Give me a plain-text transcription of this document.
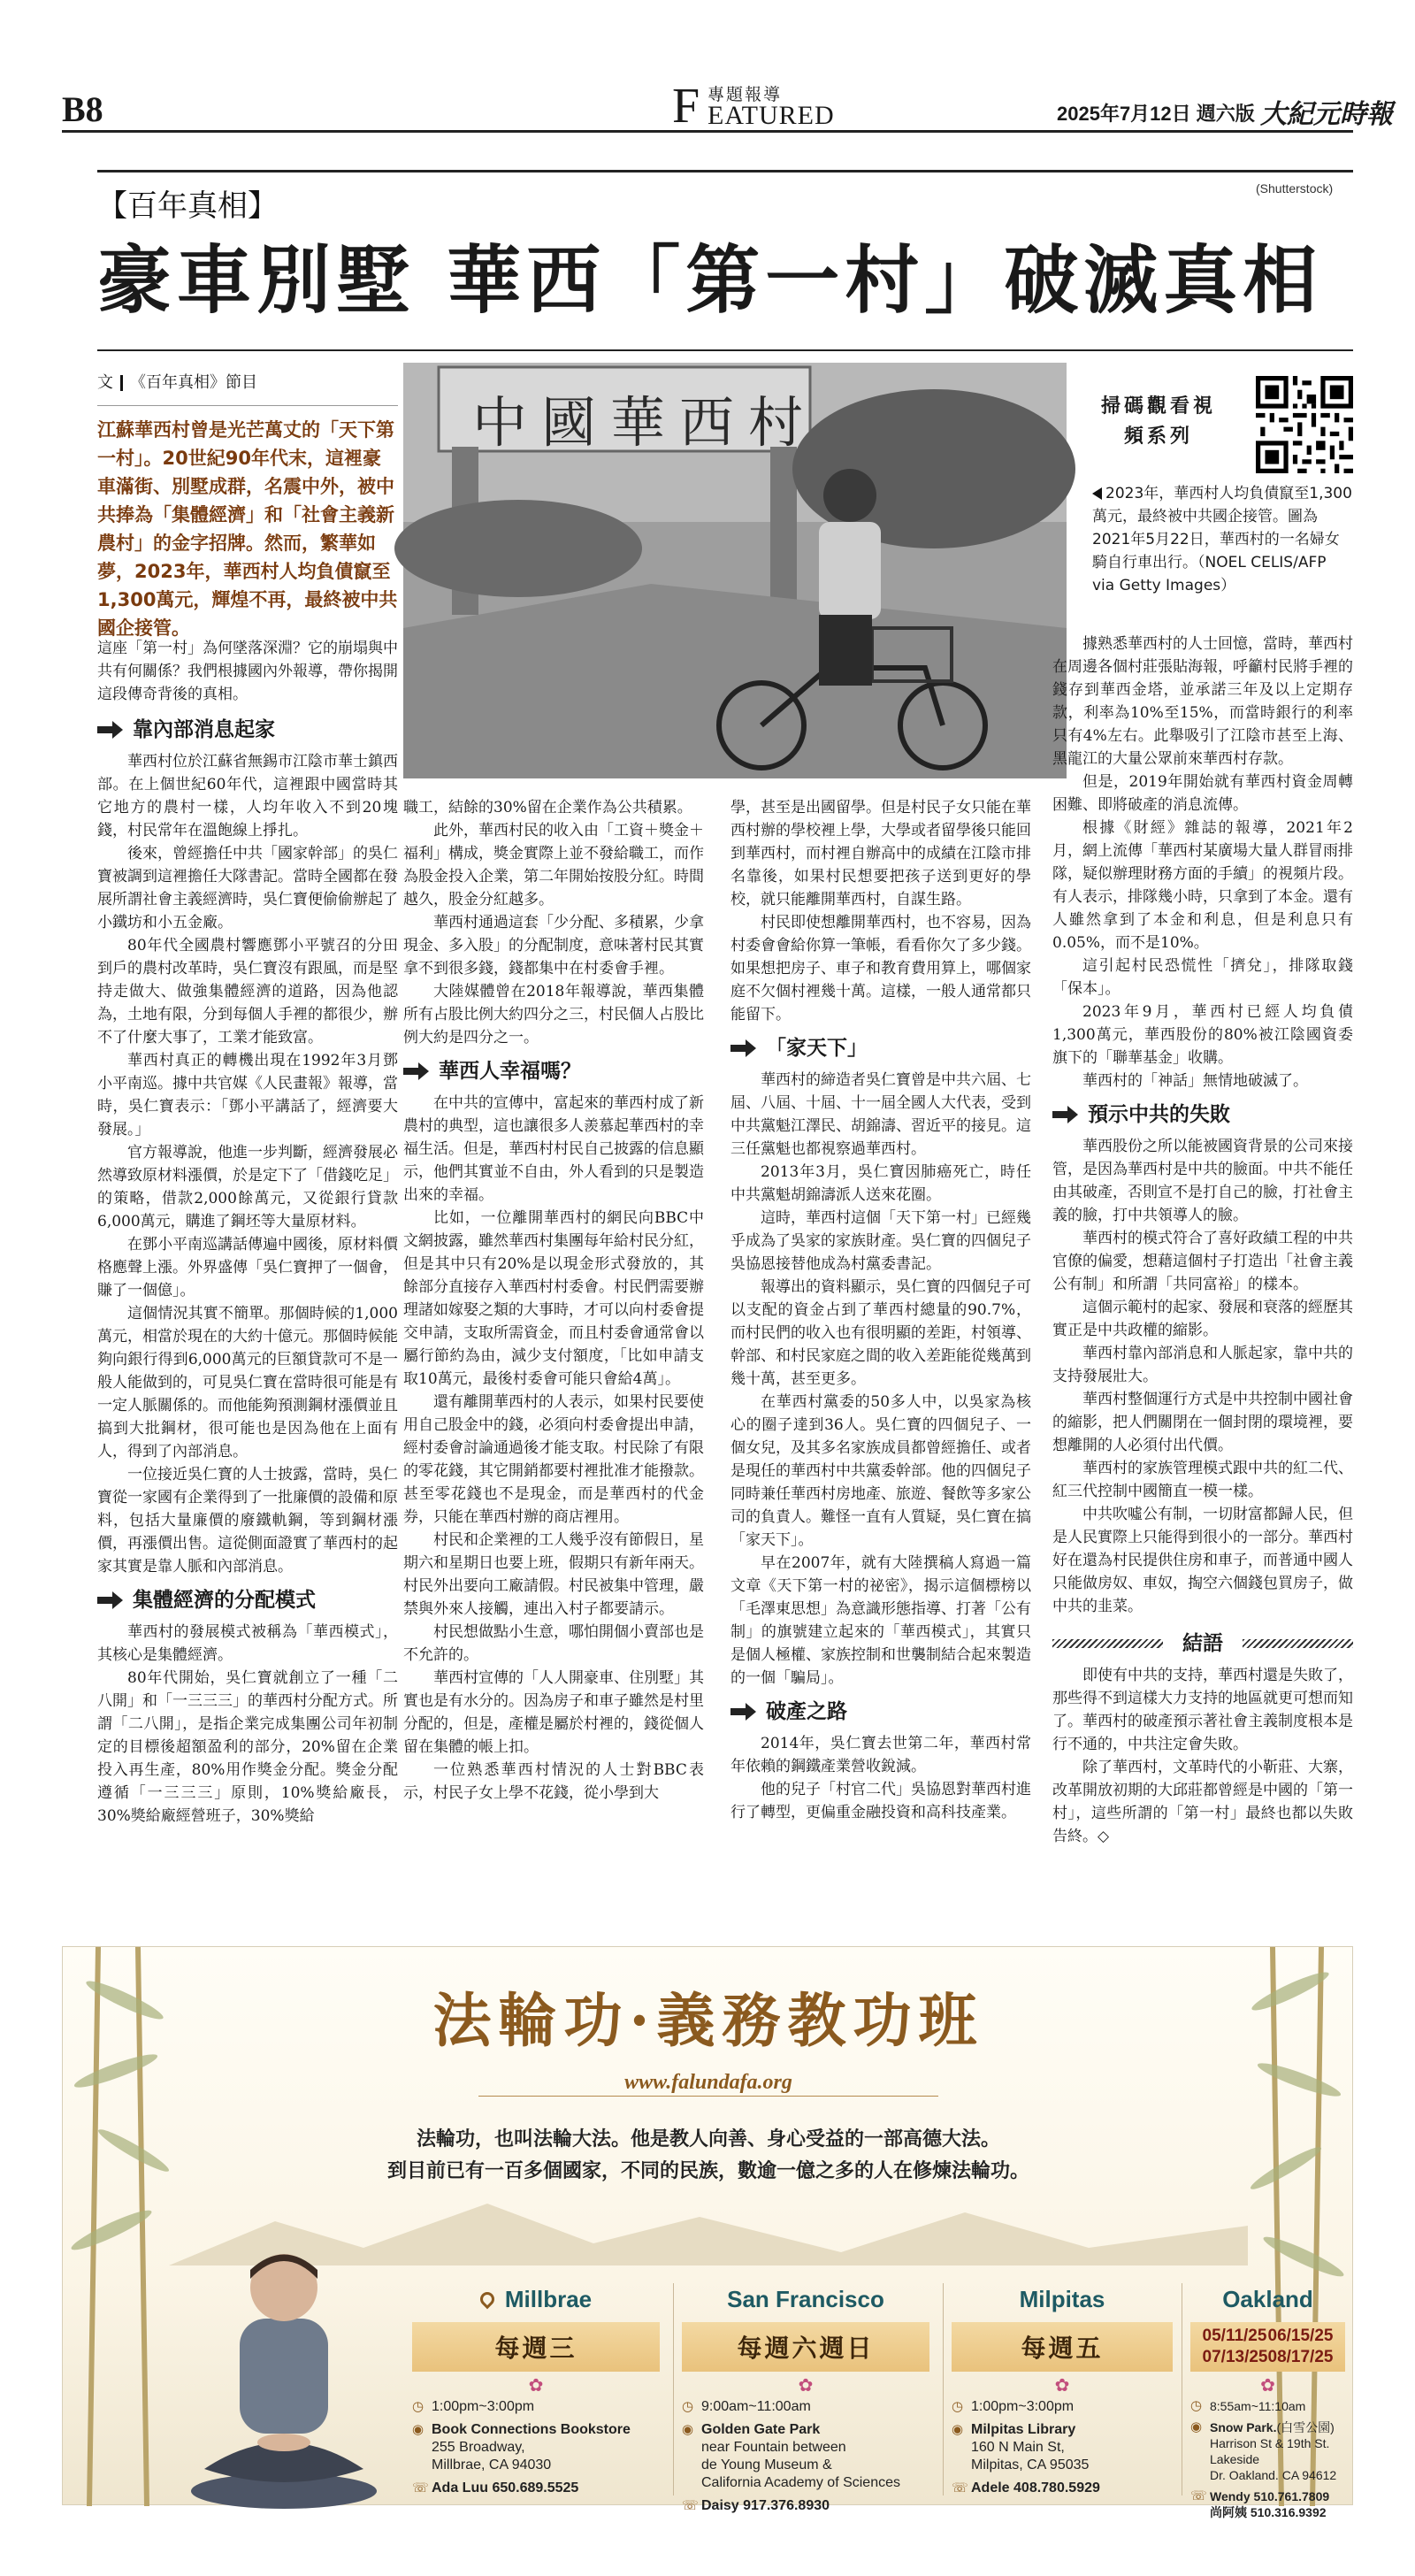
B8	F 專題報導
EATURED	2025年7月12日 週六版 大紀元時報
(Shutterstock)
【百年真相】
豪車別墅 華西「第一村」破滅真相
文 《百年真相》節目
江蘇華西村曾是光芒萬丈的「天下第一村」。20世紀90年代末，這裡豪車滿街、別墅成群，名震中外，被中共捧為「集體經濟」和「社會主義新農村」的金字招牌。然而，繁華如夢，2023年，華西村人均負債竄至1,300萬元，輝煌不再，最終被中共國企接管。
這座「第一村」為何墜落深淵？它的崩塌與中共有何關係？我們根據國內外報導，帶你揭開這段傳奇背後的真相。
中國華西村	掃碼觀看視頻系列
2023年，華西村人均負債竄至1,300萬元，最終被中共國企接管。圖為2021年5月22日，華西村的一名婦女騎自行車出行。（NOEL CELIS/AFP via Getty Images）
靠內部消息起家

華西村位於江蘇省無錫市江陰市華士鎮西部。在上個世紀60年代，這裡跟中國當時其它地方的農村一樣，人均年收入不到20塊錢，村民常年在溫飽線上掙扎。

後來，曾經擔任中共「國家幹部」的吳仁寶被調到這裡擔任大隊書記。當時全國都在發展所謂社會主義經濟時，吳仁寶便偷偷辦起了小鐵坊和小五金廠。

80年代全國農村響應鄧小平號召的分田到戶的農村改革時，吳仁寶沒有跟風，而是堅持走做大、做強集體經濟的道路，因為他認為，土地有限，分到每個人手裡的都很少，辦不了什麼大事了，工業才能致富。

華西村真正的轉機出現在1992年3月鄧小平南巡。據中共官媒《人民畫報》報導，當時，吳仁寶表示：「鄧小平講話了，經濟要大發展。」

官方報導說，他進一步判斷，經濟發展必然導致原材料漲價，於是定下了「借錢吃足」的策略，借款2,000餘萬元，又從銀行貸款6,000萬元，購進了鋼坯等大量原材料。

在鄧小平南巡講話傳遍中國後，原材料價格應聲上漲。外界盛傳「吳仁寶押了一個會，賺了一個億」。

這個情況其實不簡單。那個時候的1,000萬元，相當於現在的大約十億元。那個時候能夠向銀行得到6,000萬元的巨額貸款可不是一般人能做到的，可見吳仁寶在當時很可能是有一定人脈關係的。而他能夠預測鋼材漲價並且搞到大批鋼材，很可能也是因為他在上面有人，得到了內部消息。

一位接近吳仁寶的人士披露，當時，吳仁寶從一家國有企業得到了一批廉價的設備和原料，包括大量廉價的廢鐵軌鋼，等到鋼材漲價，再漲價出售。這從側面證實了華西村的起家其實是靠人脈和內部消息。

集體經濟的分配模式

華西村的發展模式被稱為「華西模式」，其核心是集體經濟。

80年代開始，吳仁寶就創立了一種「二八開」和「一三三三」的華西村分配方式。所謂「二八開」，是指企業完成集團公司年初制定的目標後超額盈利的部分，20%留在企業投入再生產，80%用作獎金分配。獎金分配遵循「一三三三」原則，10%獎給廠長，30%獎給廠經營班子，30%獎給

職工，結餘的30%留在企業作為公共積累。

此外，華西村民的收入由「工資＋獎金＋福利」構成，獎金實際上並不發給職工，而作為股金投入企業，第二年開始按股分紅。時間越久，股金分紅越多。

華西村通過這套「少分配、多積累，少拿現金、多入股」的分配制度，意味著村民其實拿不到很多錢，錢都集中在村委會手裡。

大陸媒體曾在2018年報導說，華西集體所有占股比例大約四分之三，村民個人占股比例大約是四分之一。

華西人幸福嗎？

在中共的宣傳中，富起來的華西村成了新農村的典型，這也讓很多人羨慕起華西村的幸福生活。但是，華西村村民自己披露的信息顯示，他們其實並不自由，外人看到的只是製造出來的幸福。

比如，一位離開華西村的網民向BBC中文網披露，雖然華西村集團每年給村民分紅，但是其中只有20%是以現金形式發放的，其餘部分直接存入華西村村委會。村民們需要辦理諸如嫁娶之類的大事時，才可以向村委會提交申請，支取所需資金，而且村委會通常會以屬行節約為由，減少支付額度，「比如申請支取10萬元，最後村委會可能只會給4萬」。

還有離開華西村的人表示，如果村民要使用自己股金中的錢，必須向村委會提出申請，經村委會討論通過後才能支取。村民除了有限的零花錢，其它開銷都要村裡批准才能撥款。甚至零花錢也不是現金，而是華西村的代金券，只能在華西村辦的商店裡用。

村民和企業裡的工人幾乎沒有節假日，星期六和星期日也要上班，假期只有新年兩天。村民外出要向工廠請假。村民被集中管理，嚴禁與外來人接觸，連出入村子都要請示。

村民想做點小生意，哪怕開個小賣部也是不允許的。

華西村宣傳的「人人開豪車、住別墅」其實也是有水分的。因為房子和車子雖然是村里分配的，但是，產權是屬於村裡的，錢從個人留在集體的帳上扣。

一位熟悉華西村情況的人士對BBC表示，村民子女上學不花錢，從小學到大

學，甚至是出國留學。但是村民子女只能在華西村辦的學校裡上學，大學或者留學後只能回到華西村，而村裡自辦高中的成績在江陰市排名靠後，如果村民想要把孩子送到更好的學校，就只能離開華西村，自謀生路。

村民即使想離開華西村，也不容易，因為村委會會給你算一筆帳，看看你欠了多少錢。如果想把房子、車子和教育費用算上，哪個家庭不欠個村裡幾十萬。這樣，一般人通常都只能留下。

「家天下」

華西村的締造者吳仁寶曾是中共六屆、七屆、八屆、十屆、十一屆全國人大代表，受到中共黨魁江澤民、胡錦濤、習近平的接見。這三任黨魁也都視察過華西村。

2013年3月，吳仁寶因肺癌死亡，時任中共黨魁胡錦濤派人送來花圈。

這時，華西村這個「天下第一村」已經幾乎成為了吳家的家族財產。吳仁寶的四個兒子吳協恩接替他成為村黨委書記。

報導出的資料顯示，吳仁寶的四個兒子可以支配的資金占到了華西村總量的90.7%，而村民們的收入也有很明顯的差距，村領導、幹部、和村民家庭之間的收入差距能從幾萬到幾十萬，甚至更多。

在華西村黨委的50多人中，以吳家為核心的圈子達到36人。吳仁寶的四個兒子、一個女兒，及其多名家族成員都曾經擔任、或者是現任的華西村中共黨委幹部。他的四個兒子同時兼任華西村房地產、旅遊、餐飲等多家公司的負責人。難怪一直有人質疑，吳仁寶在搞「家天下」。

早在2007年，就有大陸撰稿人寫過一篇文章《天下第一村的祕密》，揭示這個標榜以「毛澤東思想」為意識形態指導、打著「公有制」的旗號建立起來的「華西模式」，其實只是個人極權、家族控制和世襲制結合起來製造的一個「騙局」。

破產之路

2014年，吳仁寶去世第二年，華西村常年依賴的鋼鐵產業營收銳減。

他的兒子「村官二代」吳協恩對華西村進行了轉型，更偏重金融投資和高科技產業。

據熟悉華西村的人士回憶，當時，華西村在周邊各個村莊張貼海報，呼籲村民將手裡的錢存到華西金塔，並承諾三年及以上定期存款，利率為10%至15%，而當時銀行的利率只有4%左右。此舉吸引了江陰市甚至上海、黑龍江的大量公眾前來華西村存款。

但是，2019年開始就有華西村資金周轉困難、即將破產的消息流傳。

根據《財經》雜誌的報導，2021年2月，網上流傳「華西村某廣場大量人群冒雨排隊，疑似辦理財務方面的手續」的視頻片段。有人表示，排隊幾小時，只拿到了本金。還有人雖然拿到了本金和利息，但是利息只有0.05%，而不是10%。

這引起村民恐慌性「擠兌」，排隊取錢「保本」。

2023年9月，華西村已經人均負債1,300萬元，華西股份的80%被江陰國資委旗下的「聯華基金」收購。

華西村的「神話」無情地破滅了。

預示中共的失敗

華西股份之所以能被國資背景的公司來接管，是因為華西村是中共的臉面。中共不能任由其破產，否則宣不是打自己的臉，打社會主義的臉，打中共領導人的臉。

華西村的模式符合了喜好政績工程的中共官僚的偏愛，想藉這個村子打造出「社會主義公有制」和所謂「共同富裕」的樣本。

這個示範村的起家、發展和衰落的經歷其實正是中共政權的縮影。

華西村靠內部消息和人脈起家，靠中共的支持發展壯大。

華西村整個運行方式是中共控制中國社會的縮影，把人們關閉在一個封閉的環境裡，要想離開的人必須付出代價。

華西村的家族管理模式跟中共的紅二代、紅三代控制中國簡直一模一樣。

中共吹噓公有制，一切財富都歸人民，但是人民實際上只能得到很小的一部分。華西村好在還為村民提供住房和車子，而普通中國人只能做房奴、車奴，掏空六個錢包買房子，做中共的韭菜。

結語

即使有中共的支持，華西村還是失敗了，那些得不到這樣大力支持的地區就更可想而知了。華西村的破產預示著社會主義制度根本是行不通的，中共注定會失敗。

除了華西村，文革時代的小靳莊、大寨，改革開放初期的大邱莊都曾經是中國的「第一村」，這些所謂的「第一村」最終也都以失敗告終。◇

法輪功·義務教功班
www.falundafa.org
法輪功，也叫法輪大法。他是教人向善、身心受益的一部高德大法。
到目前已有一百多個國家，不同的民族，數逾一億之多的人在修煉法輪功。
Millbrae
每週三
✿
◷ 1:00pm~3:00pm
◉ Book Connections Bookstore
255 Broadway,
Millbrae, CA 94030
☏ Ada Luu 650.689.5525
San Francisco
每週六週日
✿
◷ 9:00am~11:00am
◉ Golden Gate Park
near Fountain between
de Young Museum &
California Academy of Sciences
☏ Daisy 917.376.8930
Milpitas
每週五
✿
◷ 1:00pm~3:00pm
◉ Milpitas Library
160 N Main St,
Milpitas, CA 95035
☏ Adele 408.780.5929
Oakland
05/11/25 06/15/25
07/13/25 08/17/25
✿
◷ 8:55am~11:10am
◉ Snow Park.(白雪公園)
Harrison St & 19th St. Lakeside
Dr. Oakland. CA 94612
☏ Wendy 510.761.7809
尚阿姨 510.316.9392
